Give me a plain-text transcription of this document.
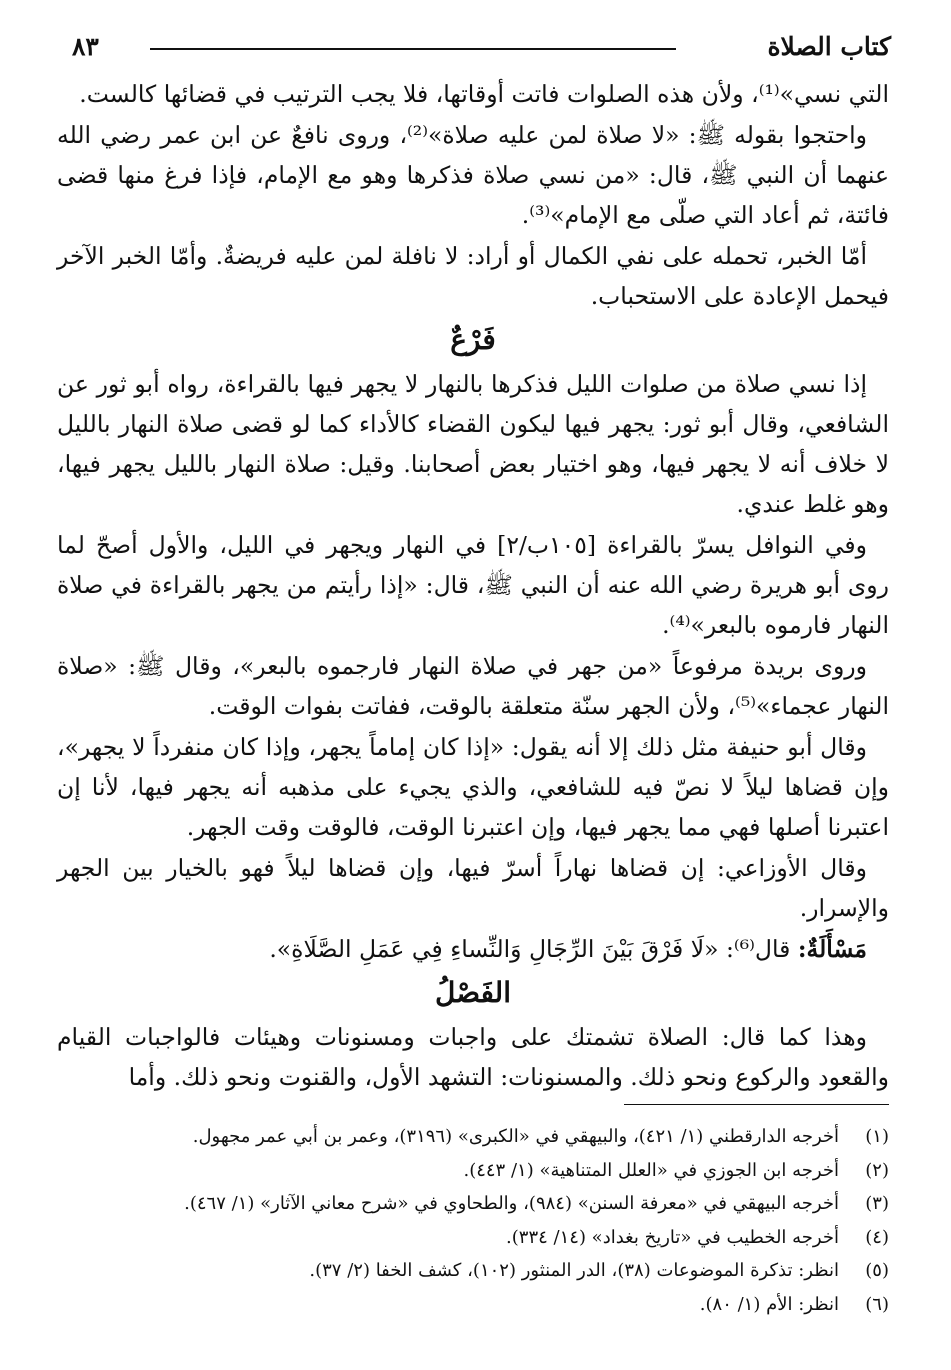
كتاب الصلاة
٨٣

التي نسي»⁽¹⁾، ولأن هذه الصلوات فاتت أوقاتها، فلا يجب الترتيب في قضائها كالست.

واحتجوا بقوله ﷺ: «لا صلاة لمن عليه صلاة»⁽²⁾، وروى نافعٌ عن ابن عمر رضي الله عنهما أن النبي ﷺ، قال: «من نسي صلاة فذكرها وهو مع الإمام، فإذا فرغ منها قضى فائتة، ثم أعاد التي صلّى مع الإمام»⁽³⁾.

أمّا الخبر، تحمله على نفي الكمال أو أراد: لا نافلة لمن عليه فريضةٌ. وأمّا الخبر الآخر فيحمل الإعادة على الاستحباب.

فَرْعٌ

إذا نسي صلاة من صلوات الليل فذكرها بالنهار لا يجهر فيها بالقراءة، رواه أبو ثور عن الشافعي، وقال أبو ثور: يجهر فيها ليكون القضاء كالأداء كما لو قضى صلاة النهار بالليل لا خلاف أنه لا يجهر فيها، وهو اختيار بعض أصحابنا. وقيل: صلاة النهار بالليل يجهر فيها، وهو غلط عندي.

وفي النوافل يسرّ بالقراءة [١٠٥ب/٢] في النهار ويجهر في الليل، والأول أصحّ لما روى أبو هريرة رضي الله عنه أن النبي ﷺ، قال: «إذا رأيتم من يجهر بالقراءة في صلاة النهار فارموه بالبعر»⁽⁴⁾.

وروى بريدة مرفوعاً «من جهر في صلاة النهار فارجموه بالبعر»، وقال ﷺ: «صلاة النهار عجماء»⁽⁵⁾، ولأن الجهر سنّة متعلقة بالوقت، ففاتت بفوات الوقت.

وقال أبو حنيفة مثل ذلك إلا أنه يقول: «إذا كان إماماً يجهر، وإذا كان منفرداً لا يجهر»، وإن قضاها ليلاً لا نصّ فيه للشافعي، والذي يجيء على مذهبه أنه يجهر فيها، لأنا إن اعتبرنا أصلها فهي مما يجهر فيها، وإن اعتبرنا الوقت، فالوقت وقت الجهر.

وقال الأوزاعي: إن قضاها نهاراً أسرّ فيها، وإن قضاها ليلاً فهو بالخيار بين الجهر والإسرار.

مَسْأَلَةٌ: قال⁽⁶⁾: «لَا فَرْقَ بَيْنَ الرِّجَالِ وَالنِّساءِ فِي عَمَلِ الصَّلَاةِ».

الفَصْلُ

وهذا كما قال: الصلاة تشمتك على واجبات ومسنونات وهيئات فالواجبات القيام والقعود والركوع ونحو ذلك. والمسنونات: التشهد الأول، والقنوت ونحو ذلك. وأما

(١)
أخرجه الدارقطني (١/ ٤٢١)، والبيهقي في «الكبرى» (٣١٩٦)، وعمر بن أبي عمر مجهول.
(٢)
أخرجه ابن الجوزي في «العلل المتناهية» (١/ ٤٤٣).
(٣)
أخرجه البيهقي في «معرفة السنن» (٩٨٤)، والطحاوي في «شرح معاني الآثار» (١/ ٤٦٧).
(٤)
أخرجه الخطيب في «تاريخ بغداد» (١٤/ ٣٣٤).
(٥)
انظر: تذكرة الموضوعات (٣٨)، الدر المنثور (١٠٢)، كشف الخفا (٢/ ٣٧).
(٦)
انظر: الأم (١/ ٨٠).
